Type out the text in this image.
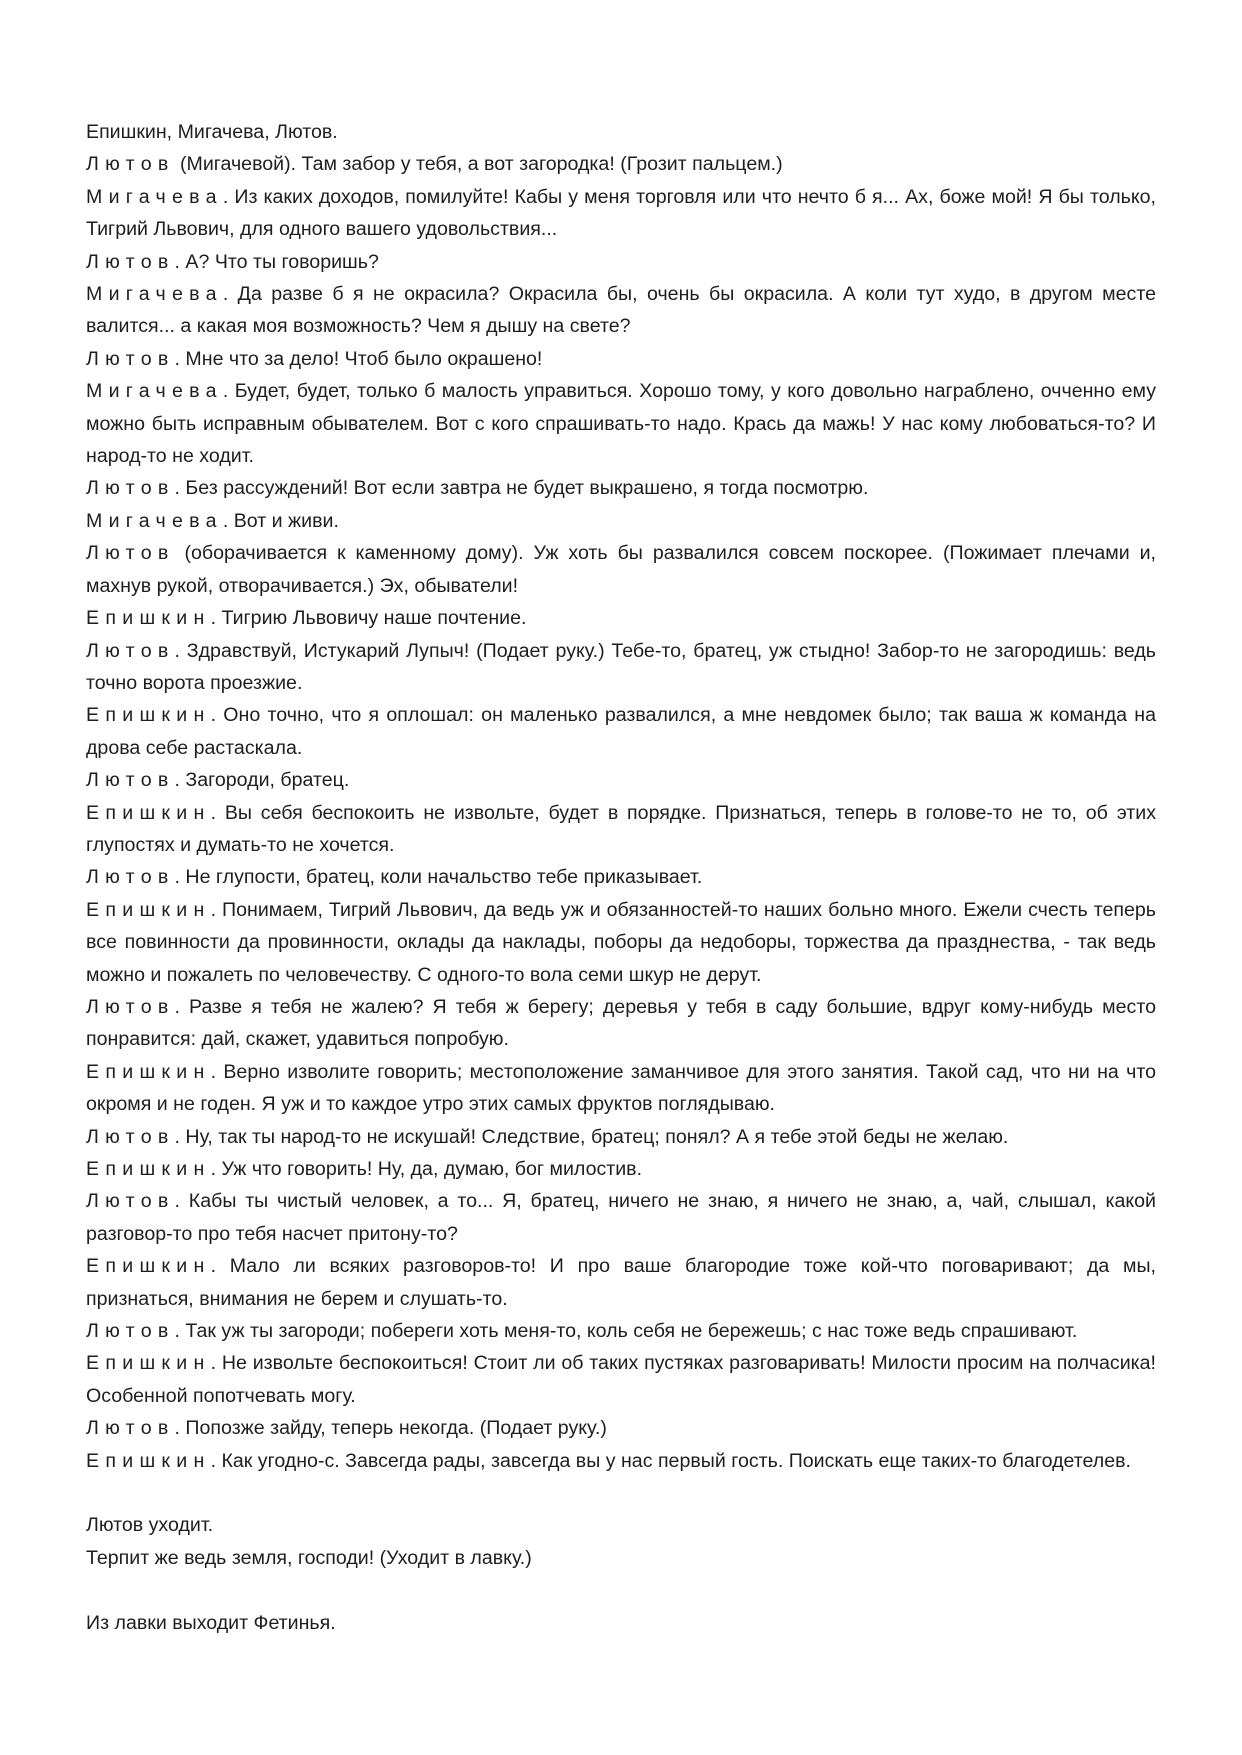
Епишкин, Мигачева, Лютов.

Лютов (Мигачевой). Там забор у тебя, а вот загородка! (Грозит пальцем.)

Мигачева. Из каких доходов, помилуйте! Кабы у меня торговля или что нечто б я... Ах, боже мой! Я бы только, Тигрий Львович, для одного вашего удовольствия...

Лютов. А? Что ты говоришь?

Мигачева. Да разве б я не окрасила? Окрасила бы, очень бы окрасила. А коли тут худо, в другом месте валится... а какая моя возможность? Чем я дышу на свете?

Лютов. Мне что за дело! Чтоб было окрашено!

Мигачева. Будет, будет, только б малость управиться. Хорошо тому, у кого довольно награблено, очченно ему можно быть исправным обывателем. Вот с кого спрашивать-то надо. Крась да мажь! У нас кому любоваться-то? И народ-то не ходит.

Лютов. Без рассуждений! Вот если завтра не будет выкрашено, я тогда посмотрю.

Мигачева. Вот и живи.

Лютов (оборачивается к каменному дому). Уж хоть бы развалился совсем поскорее. (Пожимает плечами и, махнув рукой, отворачивается.) Эх, обыватели!

Епишкин. Тигрию Львовичу наше почтение.

Лютов. Здравствуй, Истукарий Лупыч! (Подает руку.) Тебе-то, братец, уж стыдно! Забор-то не загородишь: ведь точно ворота проезжие.

Епишкин. Оно точно, что я оплошал: он маленько развалился, а мне невдомек было; так ваша ж команда на дрова себе растаскала.

Лютов. Загороди, братец.

Епишкин. Вы себя беспокоить не извольте, будет в порядке. Признаться, теперь в голове-то не то, об этих глупостях и думать-то не хочется.

Лютов. Не глупости, братец, коли начальство тебе приказывает.

Епишкин. Понимаем, Тигрий Львович, да ведь уж и обязанностей-то наших больно много. Ежели счесть теперь все повинности да провинности, оклады да наклады, поборы да недоборы, торжества да празднества, - так ведь можно и пожалеть по человечеству. С одного-то вола семи шкур не дерут.

Лютов. Разве я тебя не жалею? Я тебя ж берегу; деревья у тебя в саду большие, вдруг кому-нибудь место понравится: дай, скажет, удавиться попробую.

Епишкин. Верно изволите говорить; местоположение заманчивое для этого занятия. Такой сад, что ни на что окромя и не годен. Я уж и то каждое утро этих самых фруктов поглядываю.

Лютов. Ну, так ты народ-то не искушай! Следствие, братец; понял? А я тебе этой беды не желаю.

Епишкин. Уж что говорить! Ну, да, думаю, бог милостив.

Лютов. Кабы ты чистый человек, а то... Я, братец, ничего не знаю, я ничего не знаю, а, чай, слышал, какой разговор-то про тебя насчет притону-то?

Епишкин. Мало ли всяких разговоров-то! И про ваше благородие тоже кой-что поговаривают; да мы, признаться, внимания не берем и слушать-то.

Лютов. Так уж ты загороди; побереги хоть меня-то, коль себя не бережешь; с нас тоже ведь спрашивают.

Епишкин. Не извольте беспокоиться! Стоит ли об таких пустяках разговаривать! Милости просим на полчасика! Особенной попотчевать могу.

Лютов. Попозже зайду, теперь некогда. (Подает руку.)

Епишкин. Как угодно-с. Завсегда рады, завсегда вы у нас первый гость. Поискать еще таких-то благодетелев.

Лютов уходит.

Терпит же ведь земля, господи! (Уходит в лавку.)

Из лавки выходит Фетинья.
